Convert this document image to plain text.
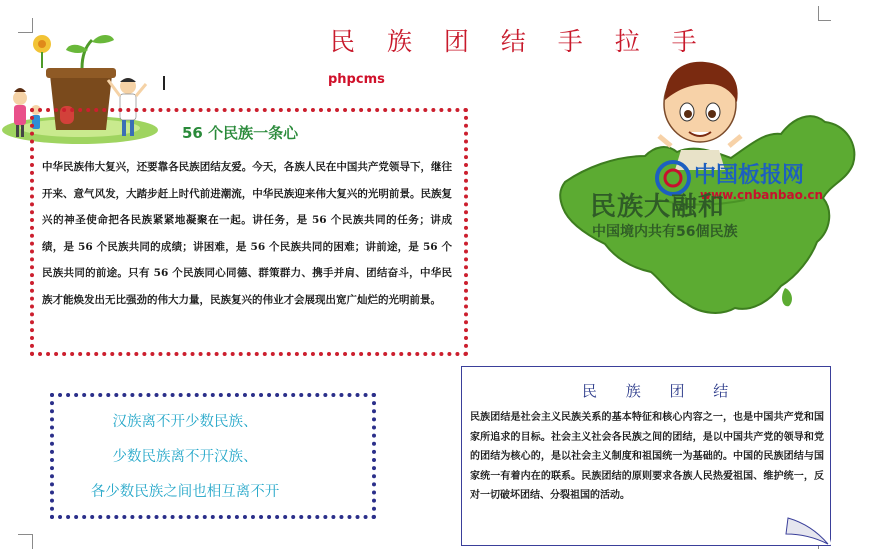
民 族 团 结 手 拉 手
phpcms
56 个民族一条心
中华民族伟大复兴，还要靠各民族团结友爱。今天，各族人民在中国共产党领导下，继往开来、意气风发，大踏步赶上时代前进潮流，中华民族迎来伟大复兴的光明前景。民族复兴的神圣使命把各民族紧紧地凝聚在一起。讲任务，是 56 个民族共同的任务；讲成绩，是 56 个民族共同的成绩；讲困难，是 56 个民族共同的困难；讲前途，是 56 个民族共同的前途。只有 56 个民族同心同德、群策群力、携手并肩、团结奋斗，中华民族才能焕发出无比强劲的伟大力量，民族复兴的伟业才会展现出宽广灿烂的光明前景。
汉族离不开少数民族、
少数民族离不开汉族、
各少数民族之间也相互离不开
民 族 团 结
民族团结是社会主义民族关系的基本特征和核心内容之一，也是中国共产党和国家所追求的目标。社会主义社会各民族之间的团结，是以中国共产党的领导和党的团结为核心的，是以社会主义制度和祖国统一为基础的。中国的民族团结与国家统一有着内在的联系。民族团结的原则要求各族人民热爱祖国、维护统一，反对一切破坏团结、分裂祖国的活动。
中国板报网
www.cnbanbao.cn
民族大融和
中国境内共有56個民族
